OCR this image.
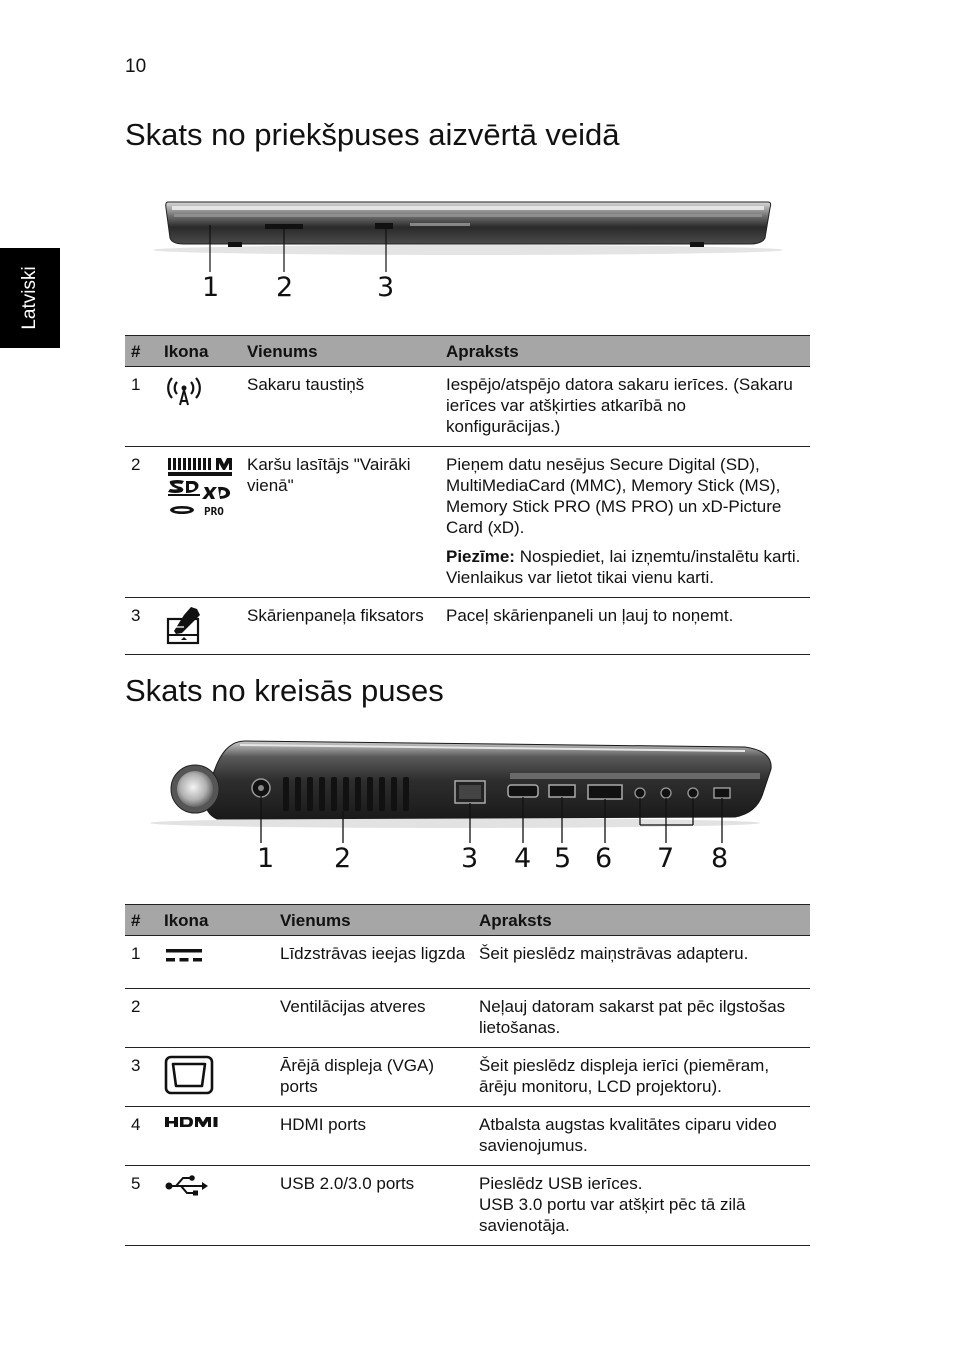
10
Latviski
Skats no priekšpuses aizvērtā veidā
1 2	3
#	Ikona	Vienums	Apraksts
1		Sakaru taustiņš	Iespējo/atspējo datora sakaru ierīces. (Sakaru ierīces var atšķirties atkarībā no konfigurācijas.)

2	PRO	Karšu lasītājs "Vairāki vienā"	Pieņem datu nesējus Secure Digital (SD), MultiMediaCard (MMC), Memory Stick (MS), Memory Stick PRO (MS PRO) un xD-Picture Card (xD).

Piezīme: Nospiediet, lai izņemtu/instalētu karti. Vienlaikus var lietot tikai vienu karti.

3		Skārienpaneļa fiksators	Paceļ skārienpaneli un ļauj to noņemt.

Skats no kreisās puses
1 2	3 4 5 6 7 8
#	Ikona	Vienums	Apraksts
1		Līdzstrāvas ieejas ligzda	Šeit pieslēdz maiņstrāvas adapteru.

2		Ventilācijas atveres	Neļauj datoram sakarst pat pēc ilgstošas lietošanas.

3		Ārējā displeja (VGA) ports	Šeit pieslēdz displeja ierīci (piemēram, ārēju monitoru, LCD projektoru).

4		HDMI ports	Atbalsta augstas kvalitātes ciparu video savienojumus.

5		USB 2.0/3.0 ports	Pieslēdz USB ierīces.
USB 3.0 portu var atšķirt pēc tā zilā savienotāja.
